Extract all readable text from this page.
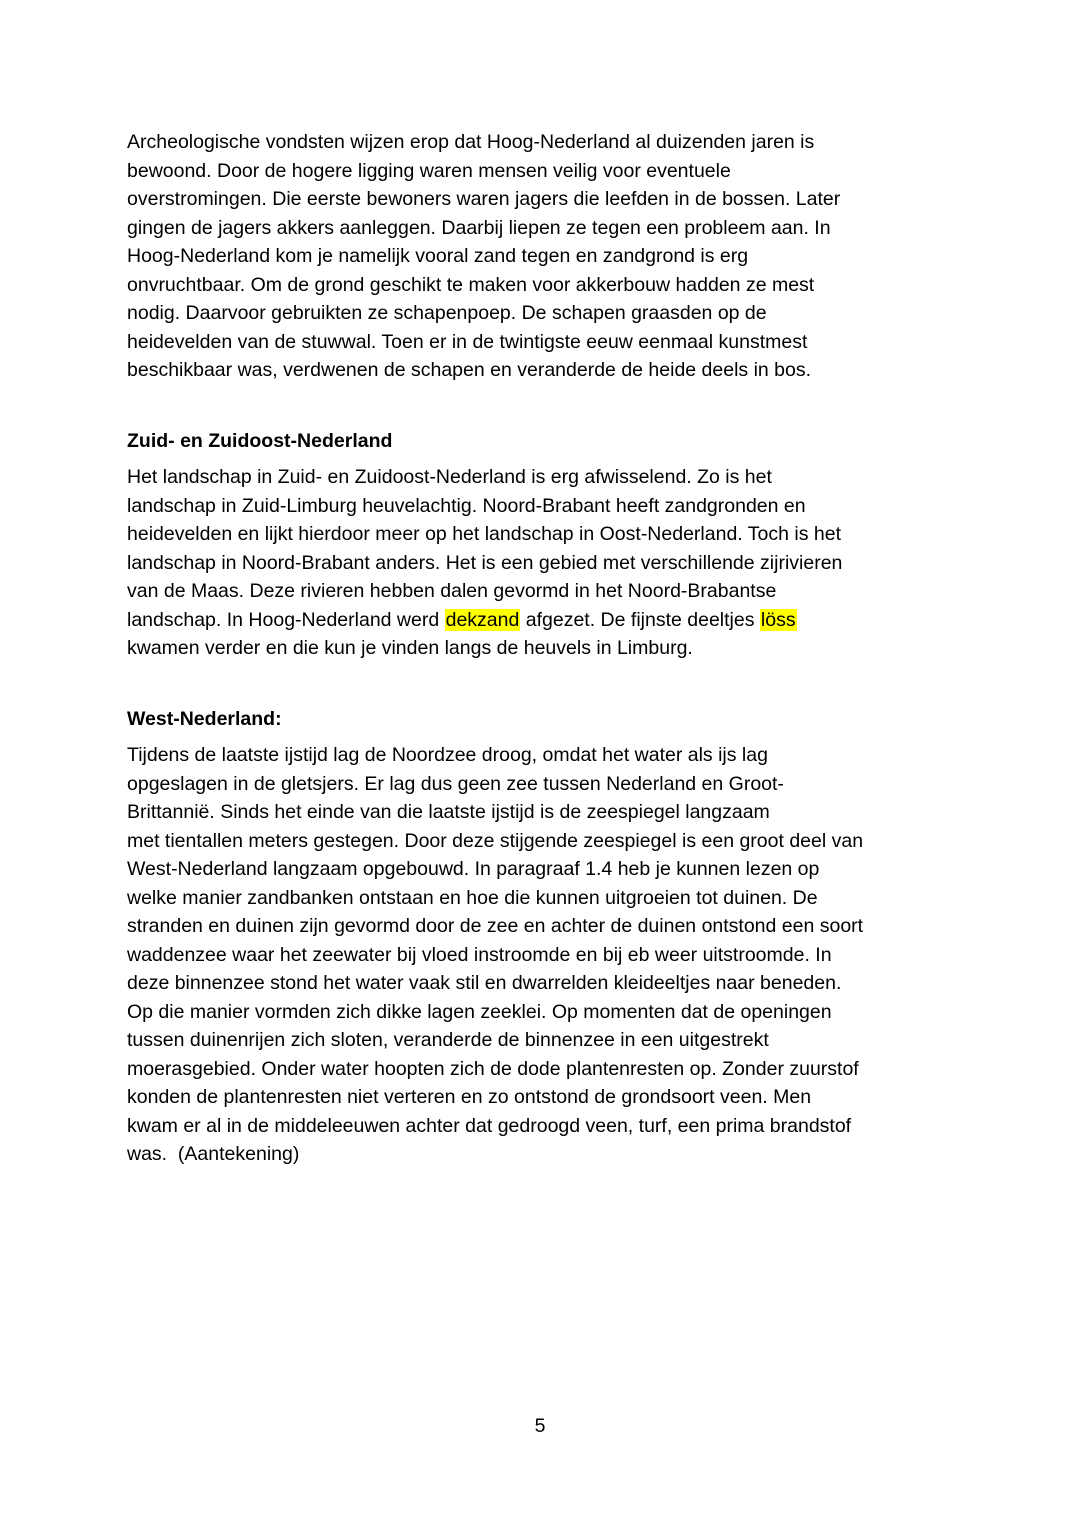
Archeologische vondsten wijzen erop dat Hoog-Nederland al duizenden jaren is
bewoond. Door de hogere ligging waren mensen veilig voor eventuele
overstromingen. Die eerste bewoners waren jagers die leefden in de bossen. Later
gingen de jagers akkers aanleggen. Daarbij liepen ze tegen een probleem aan. In
Hoog-Nederland kom je namelijk vooral zand tegen en zandgrond is erg
onvruchtbaar. Om de grond geschikt te maken voor akkerbouw hadden ze mest
nodig. Daarvoor gebruikten ze schapenpoep. De schapen graasden op de
heidevelden van de stuwwal. Toen er in de twintigste eeuw eenmaal kunstmest
beschikbaar was, verdwenen de schapen en veranderde de heide deels in bos.
Zuid- en Zuidoost-Nederland
Het landschap in Zuid- en Zuidoost-Nederland is erg afwisselend. Zo is het
landschap in Zuid-Limburg heuvelachtig. Noord-Brabant heeft zandgronden en
heidevelden en lijkt hierdoor meer op het landschap in Oost-Nederland. Toch is het
landschap in Noord-Brabant anders. Het is een gebied met verschillende zijrivieren
van de Maas. Deze rivieren hebben dalen gevormd in het Noord-Brabantse
landschap. In Hoog-Nederland werd dekzand afgezet. De fijnste deeltjes löss
kwamen verder en die kun je vinden langs de heuvels in Limburg.
West-Nederland:
Tijdens de laatste ijstijd lag de Noordzee droog, omdat het water als ijs lag
opgeslagen in de gletsjers. Er lag dus geen zee tussen Nederland en Groot-
Brittannië. Sinds het einde van die laatste ijstijd is de zeespiegel langzaam
met tientallen meters gestegen. Door deze stijgende zeespiegel is een groot deel van
West-Nederland langzaam opgebouwd. In paragraaf 1.4 heb je kunnen lezen op
welke manier zandbanken ontstaan en hoe die kunnen uitgroeien tot duinen. De
stranden en duinen zijn gevormd door de zee en achter de duinen ontstond een soort
waddenzee waar het zeewater bij vloed instroomde en bij eb weer uitstroomde. In
deze binnenzee stond het water vaak stil en dwarrelden kleideeltjes naar beneden.
Op die manier vormden zich dikke lagen zeeklei. Op momenten dat de openingen
tussen duinenrijen zich sloten, veranderde de binnenzee in een uitgestrekt
moerasgebied. Onder water hoopten zich de dode plantenresten op. Zonder zuurstof
konden de plantenresten niet verteren en zo ontstond de grondsoort veen. Men
kwam er al in de middeleeuwen achter dat gedroogd veen, turf, een prima brandstof
was.  (Aantekening)
5
